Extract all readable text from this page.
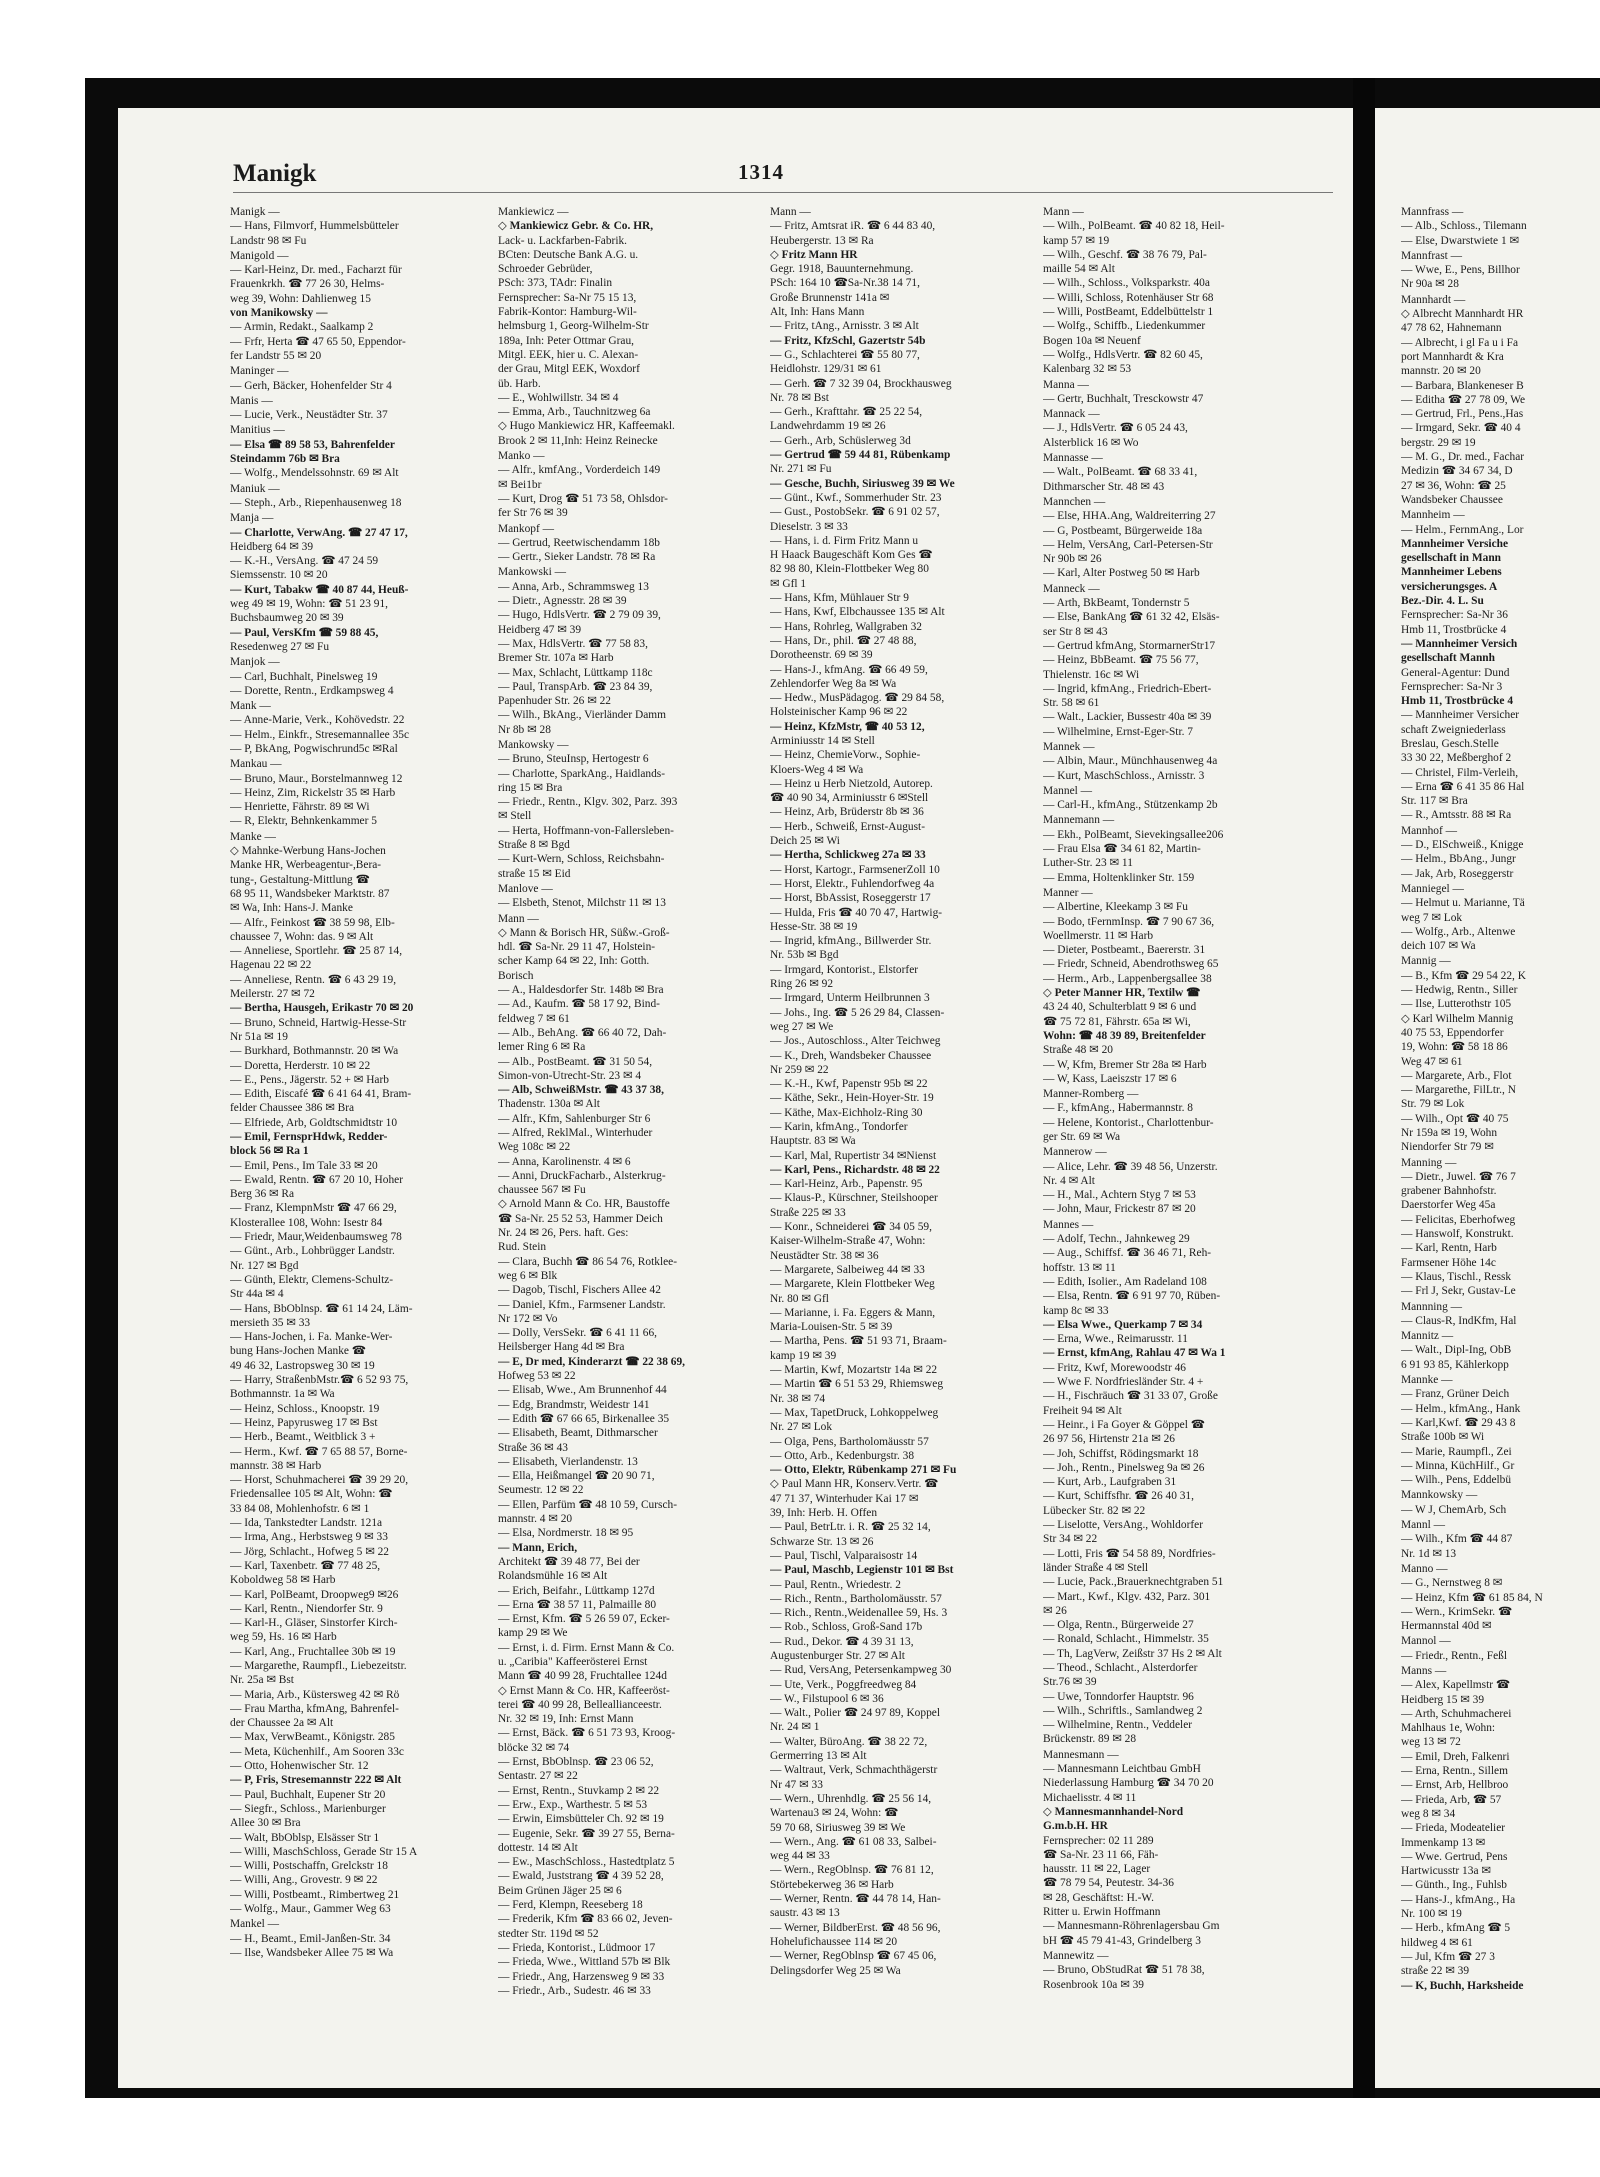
Manigk	1314
Manigk —
— Hans, Filmvorf, Hummelsbütteler
Landstr 98 ✉ Fu
Manigold —
— Karl-Heinz, Dr. med., Facharzt für
Frauenkrkh. ☎ 77 26 30, Helms-
weg 39, Wohn: Dahlienweg 15
von Manikowsky —
— Armin, Redakt., Saalkamp 2
— Frfr, Herta ☎ 47 65 50, Eppendor-
fer Landstr 55 ✉ 20
Maninger —
— Gerh, Bäcker, Hohenfelder Str 4
Manis —
— Lucie, Verk., Neustädter Str. 37
Manitius —
— Elsa ☎ 89 58 53, Bahrenfelder
Steindamm 76b ✉ Bra
— Wolfg., Mendelssohnstr. 69 ✉ Alt
Maniuk —
— Steph., Arb., Riepenhausenweg 18
Manja —
— Charlotte, VerwAng. ☎ 27 47 17,
Heidberg 64 ✉ 39
— K.-H., VersAng. ☎ 47 24 59
Siemssenstr. 10 ✉ 20
— Kurt, Tabakw ☎ 40 87 44, Heuß-
weg 49 ✉ 19, Wohn: ☎ 51 23 91,
Buchsbaumweg 20 ✉ 39
— Paul, VersKfm ☎ 59 88 45,
Resedenweg 27 ✉ Fu
Manjok —
— Carl, Buchhalt, Pinelsweg 19
— Dorette, Rentn., Erdkampsweg 4
Mank —
— Anne-Marie, Verk., Kohövedstr. 22
— Helm., Einkfr., Stresemannallee 35c
— P, BkAng, Pogwischrund5c ✉Ral
Mankau —
— Bruno, Maur., Borstelmannweg 12
— Heinz, Zim, Rickelstr 35 ✉ Harb
— Henriette, Fährstr. 89 ✉ Wi
— R, Elektr, Behnkenkammer 5
Manke —
◇ Mahnke-Werbung Hans-Jochen
Manke HR, Werbeagentur-,Bera-
tung-, Gestaltung-Mittlung ☎
68 95 11, Wandsbeker Marktstr. 87
✉ Wa, Inh: Hans-J. Manke
— Alfr., Feinkost ☎ 38 59 98, Elb-
chaussee 7, Wohn: das. 9 ✉ Alt
— Anneliese, Sportlehr. ☎ 25 87 14,
Hagenau 22 ✉ 22
— Anneliese, Rentn. ☎ 6 43 29 19,
Meilerstr. 27 ✉ 72
— Bertha, Hausgeh, Erikastr 70 ✉ 20
— Bruno, Schneid, Hartwig-Hesse-Str
Nr 51a ✉ 19
— Burkhard, Bothmannstr. 20 ✉ Wa
— Doretta, Herderstr. 10 ✉ 22
— E., Pens., Jägerstr. 52 + ✉ Harb
— Edith, Eiscafé ☎ 6 41 64 41, Bram-
felder Chaussee 386 ✉ Bra
— Elfriede, Arb, Goldtschmidtstr 10
— Emil, FernsprHdwk, Redder-
block 56 ✉ Ra 1
— Emil, Pens., Im Tale 33 ✉ 20
— Ewald, Rentn. ☎ 67 20 10, Hoher
Berg 36 ✉ Ra
— Franz, KlempnMstr ☎ 47 66 29,
Klosterallee 108, Wohn: Isestr 84
— Friedr, Maur,Weidenbaumsweg 78
— Günt., Arb., Lohbrügger Landstr.
Nr. 127 ✉ Bgd
— Günth, Elektr, Clemens-Schultz-
Str 44a ✉ 4
— Hans, BbOblnsp. ☎ 61 14 24, Läm-
mersieth 35 ✉ 33
— Hans-Jochen, i. Fa. Manke-Wer-
bung Hans-Jochen Manke ☎
49 46 32, Lastropsweg 30 ✉ 19
— Harry, StraßenbMstr.☎ 6 52 93 75,
Bothmannstr. 1a ✉ Wa
— Heinz, Schloss., Knoopstr. 19
— Heinz, Papyrusweg 17 ✉ Bst
— Herb., Beamt., Weitblick 3 +
— Herm., Kwf. ☎ 7 65 88 57, Borne-
mannstr. 38 ✉ Harb
— Horst, Schuhmacherei ☎ 39 29 20,
Friedensallee 105 ✉ Alt, Wohn: ☎
33 84 08, Mohlenhofstr. 6 ✉ 1
— Ida, Tankstedter Landstr. 121a
— Irma, Ang., Herbstsweg 9 ✉ 33
— Jörg, Schlacht., Hofweg 5 ✉ 22
— Karl, Taxenbetr. ☎ 77 48 25,
Koboldweg 58 ✉ Harb
— Karl, PolBeamt, Droopweg9 ✉26
— Karl, Rentn., Niendorfer Str. 9
— Karl-H., Gläser, Sinstorfer Kirch-
weg 59, Hs. 16 ✉ Harb
— Karl, Ang., Fruchtallee 30b ✉ 19
— Margarethe, Raumpfl., Liebezeitstr.
Nr. 25a ✉ Bst
— Maria, Arb., Küstersweg 42 ✉ Rö
— Frau Martha, kfmAng, Bahrenfel-
der Chaussee 2a ✉ Alt
— Max, VerwBeamt., Königstr. 285
— Meta, Küchenhilf., Am Sooren 33c
— Otto, Hohenwischer Str. 12
— P, Fris, Stresemannstr 222 ✉ Alt
— Paul, Buchhalt, Eupener Str 20
— Siegfr., Schloss., Marienburger
Allee 30 ✉ Bra
— Walt, BbOblsp, Elsässer Str 1
— Willi, MaschSchloss, Gerade Str 15 A
— Willi, Postschaffn, Grelckstr 18
— Willi, Ang., Grovestr. 9 ✉ 22
— Willi, Postbeamt., Rimbertweg 21
— Wolfg., Maur., Gammer Weg 63
Mankel —
— H., Beamt., Emil-Janßen-Str. 34
— Ilse, Wandsbeker Allee 75 ✉ Wa
Mankiewicz —
◇ Mankiewicz Gebr. & Co. HR,
Lack- u. Lackfarben-Fabrik.
BCten: Deutsche Bank A.G. u.
Schroeder Gebrüder,
PSch: 373, TAdr: Finalin
Fernsprecher: Sa-Nr 75 15 13,
Fabrik-Kontor: Hamburg-Wil-
helmsburg 1, Georg-Wilhelm-Str
189a, Inh: Peter Ottmar Grau,
Mitgl. EEK, hier u. C. Alexan-
der Grau, Mitgl EEK, Woxdorf
üb. Harb.
— E., Wohlwillstr. 34 ✉ 4
— Emma, Arb., Tauchnitzweg 6a
◇ Hugo Mankiewicz HR, Kaffeemakl.
Brook 2 ✉ 11,Inh: Heinz Reinecke
Manko —
— Alfr., kmfAng., Vorderdeich 149
✉ Bei1br
— Kurt, Drog ☎ 51 73 58, Ohlsdor-
fer Str 76 ✉ 39
Mankopf —
— Gertrud, Reetwischendamm 18b
— Gertr., Sieker Landstr. 78 ✉ Ra
Mankowski —
— Anna, Arb., Schrammsweg 13
— Dietr., Agnesstr. 28 ✉ 39
— Hugo, HdlsVertr. ☎ 2 79 09 39,
Heidberg 47 ✉ 39
— Max, HdlsVertr. ☎ 77 58 83,
Bremer Str. 107a ✉ Harb
— Max, Schlacht, Lüttkamp 118c
— Paul, TranspArb. ☎ 23 84 39,
Papenhuder Str. 26 ✉ 22
— Wilh., BkAng., Vierländer Damm
Nr 8b ✉ 28
Mankowsky —
— Bruno, SteuInsp, Hertogestr 6
— Charlotte, SparkAng., Haidlands-
ring 15 ✉ Bra
— Friedr., Rentn., Klgv. 302, Parz. 393
✉ Stell
— Herta, Hoffmann-von-Fallersleben-
Straße 8 ✉ Bgd
— Kurt-Wern, Schloss, Reichsbahn-
straße 15 ✉ Eid
Manlove —
— Elsbeth, Stenot, Milchstr 11 ✉ 13
Mann —
◇ Mann & Borisch HR, Süßw.-Groß-
hdl. ☎ Sa-Nr. 29 11 47, Holstein-
scher Kamp 64 ✉ 22, Inh: Gotth.
Borisch
— A., Haldesdorfer Str. 148b ✉ Bra
— Ad., Kaufm. ☎ 58 17 92, Bind-
feldweg 7 ✉ 61
— Alb., BehAng. ☎ 66 40 72, Dah-
lemer Ring 6 ✉ Ra
— Alb., PostBeamt. ☎ 31 50 54,
Simon-von-Utrecht-Str. 23 ✉ 4
— Alb, SchweißMstr. ☎ 43 37 38,
Thadenstr. 130a ✉ Alt
— Alfr., Kfm, Sahlenburger Str 6
— Alfred, ReklMal., Winterhuder
Weg 108c ✉ 22
— Anna, Karolinenstr. 4 ✉ 6
— Anni, DruckFacharb., Alsterkrug-
chaussee 567 ✉ Fu
◇ Arnold Mann & Co. HR, Baustoffe
☎ Sa-Nr. 25 52 53, Hammer Deich
Nr. 24 ✉ 26, Pers. haft. Ges:
Rud. Stein
— Clara, Buchh ☎ 86 54 76, Rotklee-
weg 6 ✉ Blk
— Dagob, Tischl, Fischers Allee 42
— Daniel, Kfm., Farmsener Landstr.
Nr 172 ✉ Vo
— Dolly, VersSekr. ☎ 6 41 11 66,
Heilsberger Hang 4d ✉ Bra
— E, Dr med, Kinderarzt ☎ 22 38 69,
Hofweg 53 ✉ 22
— Elisab, Wwe., Am Brunnenhof 44
— Edg, Brandmstr, Weidestr 141
— Edith ☎ 67 66 65, Birkenallee 35
— Elisabeth, Beamt, Dithmarscher
Straße 36 ✉ 43
— Elisabeth, Vierlandenstr. 13
— Ella, Heißmangel ☎ 20 90 71,
Seumestr. 12 ✉ 22
— Ellen, Parfüm ☎ 48 10 59, Cursch-
mannstr. 4 ✉ 20
— Elsa, Nordmerstr. 18 ✉ 95
— Mann, Erich,
Architekt ☎ 39 48 77, Bei der
Rolandsmühle 16 ✉ Alt
— Erich, Beifahr., Lüttkamp 127d
— Erna ☎ 38 57 11, Palmaille 80
— Ernst, Kfm. ☎ 5 26 59 07, Ecker-
kamp 29 ✉ We
— Ernst, i. d. Firm. Ernst Mann & Co.
u. „Caribia" Kaffeerösterei Ernst
Mann ☎ 40 99 28, Fruchtallee 124d
◇ Ernst Mann & Co. HR, Kaffeeröst-
terei ☎ 40 99 28, Belleallianceestr.
Nr. 32 ✉ 19, Inh: Ernst Mann
— Ernst, Bäck. ☎ 6 51 73 93, Kroog-
blöcke 32 ✉ 74
— Ernst, BbOblnsp. ☎ 23 06 52,
Sentastr. 27 ✉ 22
— Ernst, Rentn., Stuvkamp 2 ✉ 22
— Erw., Exp., Warthestr. 5 ✉ 53
— Erwin, Eimsbütteler Ch. 92 ✉ 19
— Eugenie, Sekr. ☎ 39 27 55, Berna-
dottestr. 14 ✉ Alt
— Ew., MaschSchloss., Hastedtplatz 5
— Ewald, Juststrang ☎ 4 39 52 28,
Beim Grünen Jäger 25 ✉ 6
— Ferd, Klempn, Reeseberg 18
— Frederik, Kfm ☎ 83 66 02, Jeven-
stedter Str. 119d ✉ 52
— Frieda, Kontorist., Lüdmoor 17
— Frieda, Wwe., Wittland 57b ✉ Blk
— Friedr., Ang, Harzensweg 9 ✉ 33
— Friedr., Arb., Sudestr. 46 ✉ 33
Mann —
— Fritz, Amtsrat iR. ☎ 6 44 83 40,
Heubergerstr. 13 ✉ Ra
◇ Fritz Mann HR
Gegr. 1918, Bauunternehmung.
PSch: 164 10 ☎Sa-Nr.38 14 71,
Große Brunnenstr 141a ✉
Alt, Inh: Hans Mann
— Fritz, tAng., Arnisstr. 3 ✉ Alt
— Fritz, KfzSchl, Gazertstr 54b
— G., Schlachterei ☎ 55 80 77,
Heidlohstr. 129/31 ✉ 61
— Gerh. ☎ 7 32 39 04, Brockhausweg
Nr. 78 ✉ Bst
— Gerh., Krafttahr. ☎ 25 22 54,
Landwehrdamm 19 ✉ 26
— Gerh., Arb, Schüslerweg 3d
— Gertrud ☎ 59 44 81, Rübenkamp
Nr. 271 ✉ Fu
— Gesche, Buchh, Siriusweg 39 ✉ We
— Günt., Kwf., Sommerhuder Str. 23
— Gust., PostobSekr. ☎ 6 91 02 57,
Dieselstr. 3 ✉ 33
— Hans, i. d. Firm Fritz Mann u
H Haack Baugeschäft Kom Ges ☎
82 98 80, Klein-Flottbeker Weg 80
✉ Gfl 1
— Hans, Kfm, Mühlauer Str 9
— Hans, Kwf, Elbchaussee 135 ✉ Alt
— Hans, Rohrleg, Wallgraben 32
— Hans, Dr., phil. ☎ 27 48 88,
Dorotheenstr. 69 ✉ 39
— Hans-J., kfmAng. ☎ 66 49 59,
Zehlendorfer Weg 8a ✉ Wa
— Hedw., MusPädagog. ☎ 29 84 58,
Holsteinischer Kamp 96 ✉ 22
— Heinz, KfzMstr, ☎ 40 53 12,
Arminiusstr 14 ✉ Stell
— Heinz, ChemieVorw., Sophie-
Kloers-Weg 4 ✉ Wa
— Heinz u Herb Nietzold, Autorep.
☎ 40 90 34, Arminiusstr 6 ✉Stell
— Heinz, Arb, Brüderstr 8b ✉ 36
— Herb., Schweiß, Ernst-August-
Deich 25 ✉ Wi
— Hertha, Schlickweg 27a ✉ 33
— Horst, Kartogr., FarmsenerZoll 10
— Horst, Elektr., Fuhlendorfweg 4a
— Horst, BbAssist, Roseggerstr 17
— Hulda, Fris ☎ 40 70 47, Hartwig-
Hesse-Str. 38 ✉ 19
— Ingrid, kfmAng., Billwerder Str.
Nr. 53b ✉ Bgd
— Irmgard, Kontorist., Elstorfer
Ring 26 ✉ 92
— Irmgard, Unterm Heilbrunnen 3
— Johs., Ing. ☎ 5 26 29 84, Classen-
weg 27 ✉ We
— Jos., Autoschloss., Alter Teichweg
— K., Dreh, Wandsbeker Chaussee
Nr 259 ✉ 22
— K.-H., Kwf, Papenstr 95b ✉ 22
— Käthe, Sekr., Hein-Hoyer-Str. 19
— Käthe, Max-Eichholz-Ring 30
— Karin, kfmAng., Tondorfer
Hauptstr. 83 ✉ Wa
— Karl, Mal, Rupertistr 34 ✉Nienst
— Karl, Pens., Richardstr. 48 ✉ 22
— Karl-Heinz, Arb., Papenstr. 95
— Klaus-P., Kürschner, Steilshooper
Straße 225 ✉ 33
— Konr., Schneiderei ☎ 34 05 59,
Kaiser-Wilhelm-Straße 47, Wohn:
Neustädter Str. 38 ✉ 36
— Margarete, Salbeiweg 44 ✉ 33
— Margarete, Klein Flottbeker Weg
Nr. 80 ✉ Gfl
— Marianne, i. Fa. Eggers & Mann,
Maria-Louisen-Str. 5 ✉ 39
— Martha, Pens. ☎ 51 93 71, Braam-
kamp 19 ✉ 39
— Martin, Kwf, Mozartstr 14a ✉ 22
— Martin ☎ 6 51 53 29, Rhiemsweg
Nr. 38 ✉ 74
— Max, TapetDruck, Lohkoppelweg
Nr. 27 ✉ Lok
— Olga, Pens, Bartholomäusstr 57
— Otto, Arb., Kedenburgstr. 38
— Otto, Elektr, Rübenkamp 271 ✉ Fu
◇ Paul Mann HR, Konserv.Vertr. ☎
47 71 37, Winterhuder Kai 17 ✉
39, Inh: Herb. H. Offen
— Paul, BetrLtr. i. R. ☎ 25 32 14,
Schwarze Str. 13 ✉ 26
— Paul, Tischl, Valparaisostr 14
— Paul, Maschb, Legienstr 101 ✉ Bst
— Paul, Rentn., Wriedestr. 2
— Rich., Rentn., Bartholomäusstr. 57
— Rich., Rentn.,Weidenallee 59, Hs. 3
— Rob., Schloss, Groß-Sand 17b
— Rud., Dekor. ☎ 4 39 31 13,
Augustenburger Str. 27 ✉ Alt
— Rud, VersAng, Petersenkampweg 30
— Ute, Verk., Poggfreedweg 84
— W., Filstupool 6 ✉ 36
— Walt., Polier ☎ 24 97 89, Koppel
Nr. 24 ✉ 1
— Walter, BüroAng. ☎ 38 22 72,
Germerring 13 ✉ Alt
— Waltraut, Verk, Schmachthägerstr
Nr 47 ✉ 33
— Wern., Uhrenhdlg. ☎ 25 56 14,
Wartenau3 ✉ 24, Wohn: ☎
59 70 68, Siriusweg 39 ✉ We
— Wern., Ang. ☎ 61 08 33, Salbei-
weg 44 ✉ 33
— Wern., RegOblnsp. ☎ 76 81 12,
Störtebekerweg 36 ✉ Harb
— Werner, Rentn. ☎ 44 78 14, Han-
saustr. 43 ✉ 13
— Werner, BildberErst. ☎ 48 56 96,
Hohelufichaussee 114 ✉ 20
— Werner, RegOblnsp ☎ 67 45 06,
Delingsdorfer Weg 25 ✉ Wa
Mann —
— Wilh., PolBeamt. ☎ 40 82 18, Heil-
kamp 57 ✉ 19
— Wilh., Geschf. ☎ 38 76 79, Pal-
maille 54 ✉ Alt
— Wilh., Schloss., Volksparkstr. 40a
— Willi, Schloss, Rotenhäuser Str 68
— Willi, PostBeamt, Eddelbüttelstr 1
— Wolfg., Schiffb., Liedenkummer
Bogen 10a ✉ Neuenf
— Wolfg., HdlsVertr. ☎ 82 60 45,
Kalenbarg 32 ✉ 53
Manna —
— Gertr, Buchhalt, Tresckowstr 47
Mannack —
— J., HdlsVertr. ☎ 6 05 24 43,
Alsterblick 16 ✉ Wo
Mannasse —
— Walt., PolBeamt. ☎ 68 33 41,
Dithmarscher Str. 48 ✉ 43
Mannchen —
— Else, HHA.Ang, Waldreiterring 27
— G, Postbeamt, Bürgerweide 18a
— Helm, VersAng, Carl-Petersen-Str
Nr 90b ✉ 26
— Karl, Alter Postweg 50 ✉ Harb
Manneck —
— Arth, BkBeamt, Tondernstr 5
— Else, BankAng ☎ 61 32 42, Elsäs-
ser Str 8 ✉ 43
— Gertrud kfmAng, StormarnerStr17
— Heinz, BbBeamt. ☎ 75 56 77,
Thielenstr. 16c ✉ Wi
— Ingrid, kfmAng., Friedrich-Ebert-
Str. 58 ✉ 61
— Walt., Lackier, Bussestr 40a ✉ 39
— Wilhelmine, Ernst-Eger-Str. 7
Mannek —
— Albin, Maur., Münchhausenweg 4a
— Kurt, MaschSchloss., Arnisstr. 3
Mannel —
— Carl-H., kfmAng., Stützenkamp 2b
Mannemann —
— Ekh., PolBeamt, Sievekingsallee206
— Frau Elsa ☎ 34 61 82, Martin-
Luther-Str. 23 ✉ 11
— Emma, Holtenklinker Str. 159
Manner —
— Albertine, Kleekamp 3 ✉ Fu
— Bodo, tFernmInsp. ☎ 7 90 67 36,
Woellmerstr. 11 ✉ Harb
— Dieter, Postbeamt., Baererstr. 31
— Friedr, Schneid, Abendrothsweg 65
— Herm., Arb., Lappenbergsallee 38
◇ Peter Manner HR, Textilw ☎
43 24 40, Schulterblatt 9 ✉ 6 und
☎ 75 72 81, Fährstr. 65a ✉ Wi,
Wohn: ☎ 48 39 89, Breitenfelder
Straße 48 ✉ 20
— W, Kfm, Bremer Str 28a ✉ Harb
— W, Kass, Laeiszstr 17 ✉ 6
Manner-Romberg —
— F., kfmAng., Habermannstr. 8
— Helene, Kontorist., Charlottenbur-
ger Str. 69 ✉ Wa
Mannerow —
— Alice, Lehr. ☎ 39 48 56, Unzerstr.
Nr. 4 ✉ Alt
— H., Mal., Achtern Styg 7 ✉ 53
— John, Maur, Frickestr 87 ✉ 20
Mannes —
— Adolf, Techn., Jahnkeweg 29
— Aug., Schiffsf. ☎ 36 46 71, Reh-
hoffstr. 13 ✉ 11
— Edith, Isolier., Am Radeland 108
— Elsa, Rentn. ☎ 6 91 97 70, Rüben-
kamp 8c ✉ 33
— Elsa Wwe., Querkamp 7 ✉ 34
— Erna, Wwe., Reimarusstr. 11
— Ernst, kfmAng, Rahlau 47 ✉ Wa 1
— Fritz, Kwf, Morewoodstr 46
— Wwe F. Nordfriesländer Str. 4 +
— H., Fischräuch ☎ 31 33 07, Große
Freiheit 94 ✉ Alt
— Heinr., i Fa Goyer & Göppel ☎
26 97 56, Hirtenstr 21a ✉ 26
— Joh, Schiffst, Rödingsmarkt 18
— Joh., Rentn., Pinelsweg 9a ✉ 26
— Kurt, Arb., Laufgraben 31
— Kurt, Schiffsfhr. ☎ 26 40 31,
Lübecker Str. 82 ✉ 22
— Liselotte, VersAng., Wohldorfer
Str 34 ✉ 22
— Lotti, Fris ☎ 54 58 89, Nordfries-
länder Straße 4 ✉ Stell
— Lucie, Pack.,Brauerknechtgraben 51
— Mart., Kwf., Klgv. 432, Parz. 301
✉ 26
— Olga, Rentn., Bürgerweide 27
— Ronald, Schlacht., Himmelstr. 35
— Th, LagVerw, Zeißstr 37 Hs 2 ✉ Alt
— Theod., Schlacht., Alsterdorfer
Str.76 ✉ 39
— Uwe, Tonndorfer Hauptstr. 96
— Wilh., Schriftls., Samlandweg 2
— Wilhelmine, Rentn., Veddeler
Brückenstr. 89 ✉ 28
Mannesmann —
— Mannesmann Leichtbau GmbH
Niederlassung Hamburg ☎ 34 70 20
Michaelisstr. 4 ✉ 11
◇ Mannesmannhandel-Nord
G.m.b.H. HR
Fernsprecher: 02 11 289
☎ Sa-Nr. 23 11 66, Fäh-
hausstr. 11 ✉ 22, Lager
☎ 78 79 54, Peutestr. 34-36
✉ 28, Geschäftst: H.-W.
Ritter u. Erwin Hoffmann
— Mannesmann-Röhrenlagersbau Gm
bH ☎ 45 79 41-43, Grindelberg 3
Mannewitz —
— Bruno, ObStudRat ☎ 51 78 38,
Rosenbrook 10a ✉ 39
Mannfrass —
— Alb., Schloss., Tilemann
— Else, Dwarstwiete 1 ✉
Mannfrast —
— Wwe, E., Pens, Billhor
Nr 90a ✉ 28
Mannhardt —
◇ Albrecht Mannhardt HR
47 78 62, Hahnemann
— Albrecht, i gl Fa u i Fa
port Mannhardt & Kra
mannstr. 20 ✉ 20
— Barbara, Blankeneser B
— Editha ☎ 27 78 09, We
— Gertrud, Frl., Pens.,Has
— Irmgard, Sekr. ☎ 40 4
bergstr. 29 ✉ 19
— M. G., Dr. med., Fachar
Medizin ☎ 34 67 34, D
27 ✉ 36, Wohn: ☎ 25
Wandsbeker Chaussee
Mannheim —
— Helm., FernmAng., Lor
Mannheimer Versiche
gesellschaft in Mann
Mannheimer Lebens
versicherungsges. A
Bez.-Dir. 4. L. Su
Fernsprecher: Sa-Nr 36
Hmb 11, Trostbrücke 4
— Mannheimer Versich
gesellschaft Mannh
General-Agentur: Dund
Fernsprecher: Sa-Nr 3
Hmb 11, Trostbrücke 4
— Mannheimer Versicher
schaft Zweigniederlass
Breslau, Gesch.Stelle
33 30 22, Meßberghof 2
— Christel, Film-Verleih,
— Erna ☎ 6 41 35 86 Hal
Str. 117 ✉ Bra
— R., Amtsstr. 88 ✉ Ra
Mannhof —
— D., ElSchweiß., Knigge
— Helm., BbAng., Jungr
— Jak, Arb, Roseggerstr
Manniegel —
— Helmut u. Marianne, Tä
weg 7 ✉ Lok
— Wolfg., Arb., Altenwe
deich 107 ✉ Wa
Mannig —
— B., Kfm ☎ 29 54 22, K
— Hedwig, Rentn., Siller
— Ilse, Lutterothstr 105
◇ Karl Wilhelm Mannig
40 75 53, Eppendorfer
19, Wohn: ☎ 58 18 86
Weg 47 ✉ 61
— Margarete, Arb., Flot
— Margarethe, FilLtr., N
Str. 79 ✉ Lok
— Wilh., Opt ☎ 40 75
Nr 159a ✉ 19, Wohn
Niendorfer Str 79 ✉
Manning —
— Dietr., Juwel. ☎ 76 7
grabener Bahnhofstr.
Daerstorfer Weg 45a
— Felicitas, Eberhofweg
— Hanswolf, Konstrukt.
— Karl, Rentn, Harb
Farmsener Höhe 14c
— Klaus, Tischl., Ressk
— Frl J, Sekr, Gustav-Le
Mannning —
— Claus-R, IndKfm, Hal
Mannitz —
— Walt., Dipl-Ing, ObB
6 91 93 85, Kählerkopp
Mannke —
— Franz, Grüner Deich
— Helm., kfmAng., Hank
— Karl,Kwf. ☎ 29 43 8
Straße 100b ✉ Wi
— Marie, Raumpfl., Zei
— Minna, KüchHilf., Gr
— Wilh., Pens, Eddelbü
Mannkowsky —
— W J, ChemArb, Sch
Mannl —
— Wilh., Kfm ☎ 44 87
Nr. 1d ✉ 13
Manno —
— G., Nernstweg 8 ✉
— Heinz, Kfm ☎ 61 85 84, N
— Wern., KrimSekr. ☎
Hermannstal 40d ✉
Mannol —
— Friedr., Rentn., Feßl
Manns —
— Alex, Kapellmstr ☎
Heidberg 15 ✉ 39
— Arth, Schuhmacherei
Mahlhaus 1e, Wohn:
weg 13 ✉ 72
— Emil, Dreh, Falkenri
— Erna, Rentn., Sillem
— Ernst, Arb, Hellbroo
— Frieda, Arb, ☎ 57
weg 8 ✉ 34
— Frieda, Modeatelier
Immenkamp 13 ✉
— Wwe. Gertrud, Pens
Hartwicusstr 13a ✉
— Günth., Ing., Fuhlsb
— Hans-J., kfmAng., Ha
Nr. 100 ✉ 19
— Herb., kfmAng ☎ 5
hildweg 4 ✉ 61
— Jul, Kfm ☎ 27 3
straße 22 ✉ 39
— K, Buchh, Harksheide
